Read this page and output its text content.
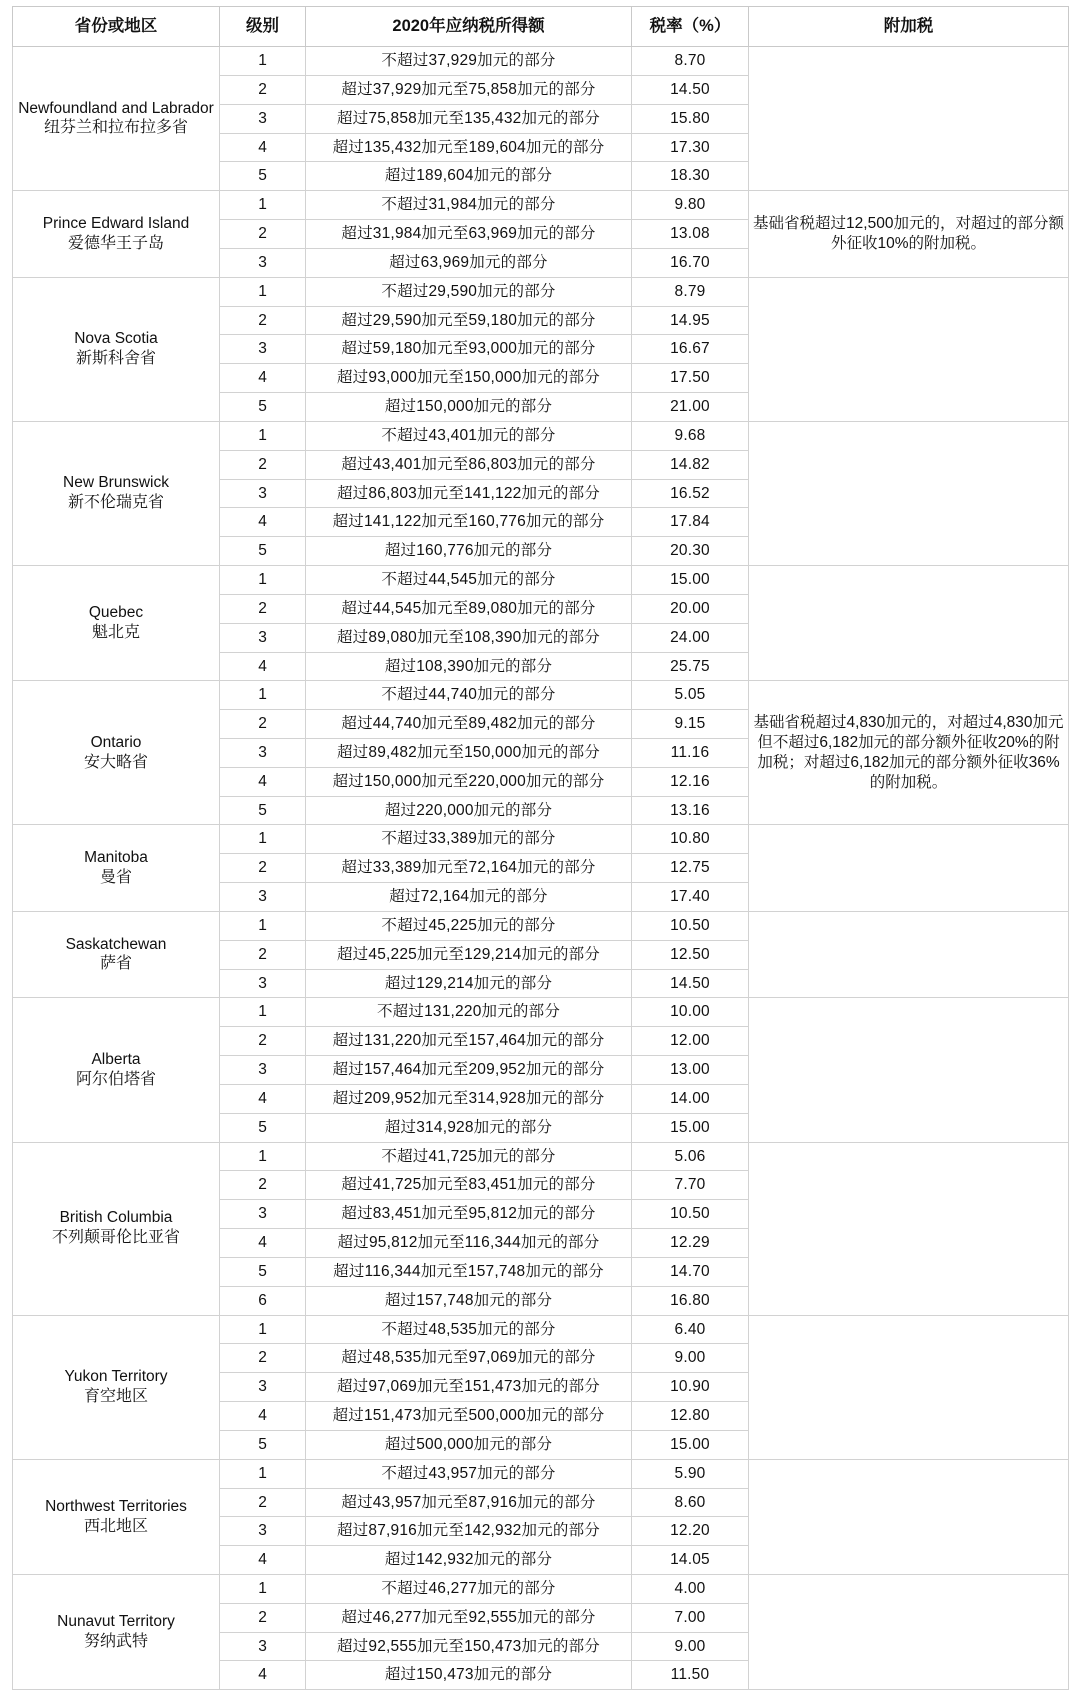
省份或地区	级别	2020年应纳税所得额	税率（%）	附加税

Newfoundland and Labrador
纽芬兰和拉布拉多省	1	不超过37,929加元的部分	8.70	
	2	超过37,929加元至75,858加元的部分	14.50	
	3	超过75,858加元至135,432加元的部分	15.80	
	4	超过135,432加元至189,604加元的部分	17.30	
	5	超过189,604加元的部分	18.30	

Prince Edward Island
爱德华王子岛	1	不超过31,984加元的部分	9.80	基础省税超过12,500加元的，对超过的部分额外征收10%的附加税。
	2	超过31,984加元至63,969加元的部分	13.08	
	3	超过63,969加元的部分	16.70	

Nova Scotia
新斯科舍省	1	不超过29,590加元的部分	8.79	
	2	超过29,590加元至59,180加元的部分	14.95	
	3	超过59,180加元至93,000加元的部分	16.67	
	4	超过93,000加元至150,000加元的部分	17.50	
	5	超过150,000加元的部分	21.00	

New Brunswick
新不伦瑞克省	1	不超过43,401加元的部分	9.68	
	2	超过43,401加元至86,803加元的部分	14.82	
	3	超过86,803加元至141,122加元的部分	16.52	
	4	超过141,122加元至160,776加元的部分	17.84	
	5	超过160,776加元的部分	20.30	

Quebec
魁北克	1	不超过44,545加元的部分	15.00	
	2	超过44,545加元至89,080加元的部分	20.00	
	3	超过89,080加元至108,390加元的部分	24.00	
	4	超过108,390加元的部分	25.75	

Ontario
安大略省	1	不超过44,740加元的部分	5.05	基础省税超过4,830加元的，对超过4,830加元但不超过6,182加元的部分额外征收20%的附加税；对超过6,182加元的部分额外征收36%的附加税。
	2	超过44,740加元至89,482加元的部分	9.15	
	3	超过89,482加元至150,000加元的部分	11.16	
	4	超过150,000加元至220,000加元的部分	12.16	
	5	超过220,000加元的部分	13.16	

Manitoba
曼省	1	不超过33,389加元的部分	10.80	
	2	超过33,389加元至72,164加元的部分	12.75	
	3	超过72,164加元的部分	17.40	

Saskatchewan
萨省	1	不超过45,225加元的部分	10.50	
	2	超过45,225加元至129,214加元的部分	12.50	
	3	超过129,214加元的部分	14.50	

Alberta
阿尔伯塔省	1	不超过131,220加元的部分	10.00	
	2	超过131,220加元至157,464加元的部分	12.00	
	3	超过157,464加元至209,952加元的部分	13.00	
	4	超过209,952加元至314,928加元的部分	14.00	
	5	超过314,928加元的部分	15.00	

British Columbia
不列颠哥伦比亚省	1	不超过41,725加元的部分	5.06	
	2	超过41,725加元至83,451加元的部分	7.70	
	3	超过83,451加元至95,812加元的部分	10.50	
	4	超过95,812加元至116,344加元的部分	12.29	
	5	超过116,344加元至157,748加元的部分	14.70	
	6	超过157,748加元的部分	16.80	

Yukon Territory
育空地区	1	不超过48,535加元的部分	6.40	
	2	超过48,535加元至97,069加元的部分	9.00	
	3	超过97,069加元至151,473加元的部分	10.90	
	4	超过151,473加元至500,000加元的部分	12.80	
	5	超过500,000加元的部分	15.00	

Northwest Territories
西北地区	1	不超过43,957加元的部分	5.90	
	2	超过43,957加元至87,916加元的部分	8.60	
	3	超过87,916加元至142,932加元的部分	12.20	
	4	超过142,932加元的部分	14.05	

Nunavut Territory
努纳武特	1	不超过46,277加元的部分	4.00	
	2	超过46,277加元至92,555加元的部分	7.00	
	3	超过92,555加元至150,473加元的部分	9.00	
	4	超过150,473加元的部分	11.50	
